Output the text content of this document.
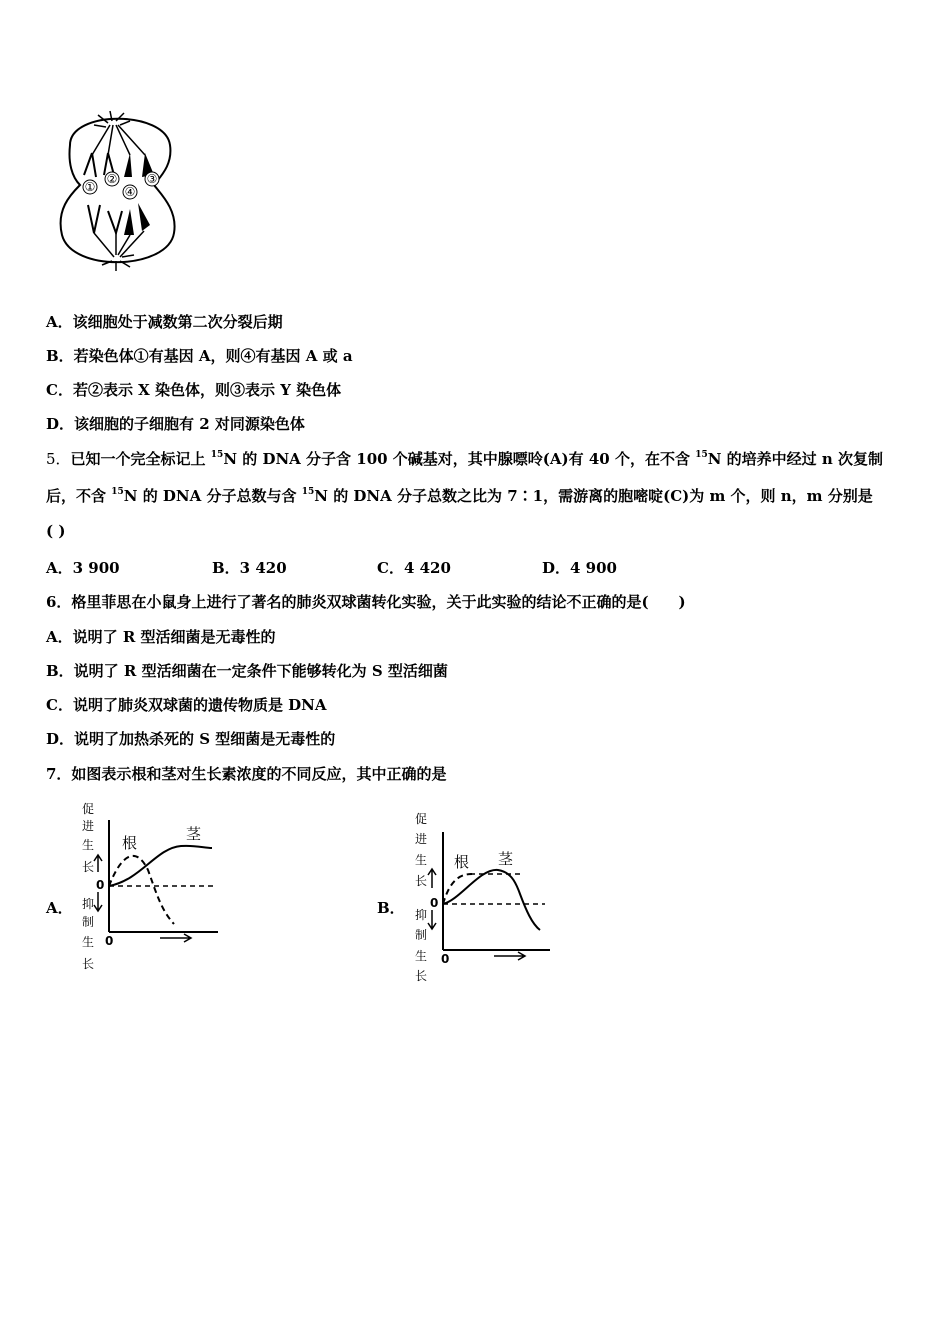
①
② ③
④
A．该细胞处于减数第二次分裂后期
B．若染色体①有基因 A，则④有基因 A 或 a
C．若②表示 X 染色体，则③表示 Y 染色体
D．该细胞的子细胞有 2 对同源染色体
5．已知一个完全标记上 $^{15}$N 的 DNA 分子含 100 个碱基对，其中腺嘌呤(A)有 40 个，在不含 $^{15}$N 的培养中经过 n 次复制
后，不含 $^{15}$N 的 DNA 分子总数与含 $^{15}$N 的 DNA 分子总数之比为 7∶1，需游离的胞嘧啶(C)为 m 个，则 n，m 分别是
( )
A．3 900	B．3 420	C．4 420	D．4 900
6．格里菲思在小鼠身上进行了著名的肺炎双球菌转化实验，关于此实验的结论不正确的是(　　)
A．说明了 R 型活细菌是无毒性的
B．说明了 R 型活细菌在一定条件下能够转化为 S 型活细菌
C．说明了肺炎双球菌的遗传物质是 DNA
D．说明了加热杀死的 S 型细菌是无毒性的
7．如图表示根和茎对生长素浓度的不同反应，其中正确的是
A．	B．
促
进
生
长
抑
制
生
长
0
0
根	茎
促
进
生
长
抑
制
生
长
0
0
根 茎
